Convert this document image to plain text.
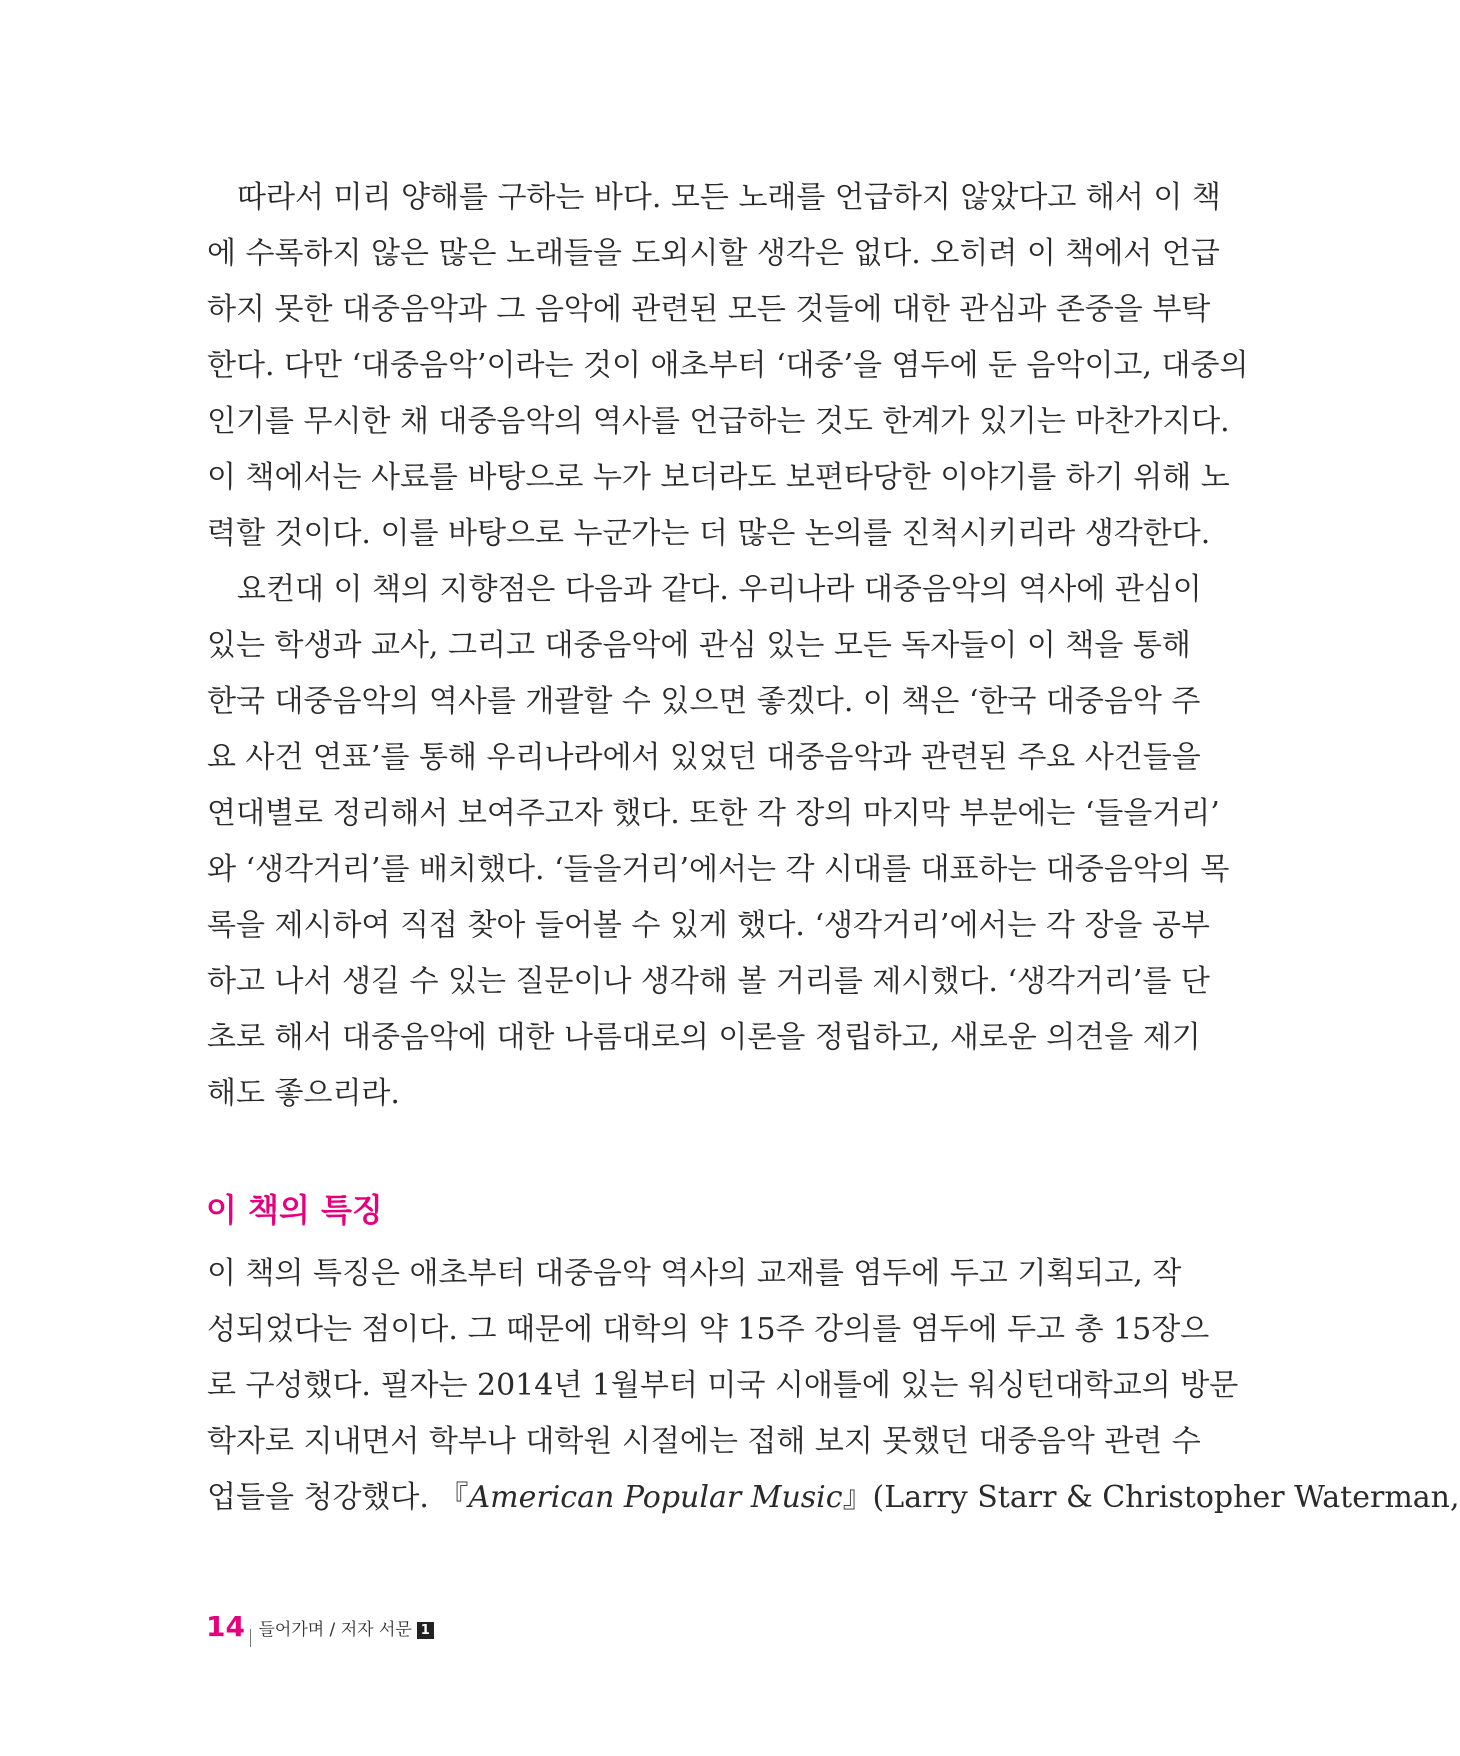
따라서 미리 양해를 구하는 바다. 모든 노래를 언급하지 않았다고 해서 이 책
에 수록하지 않은 많은 노래들을 도외시할 생각은 없다. 오히려 이 책에서 언급
하지 못한 대중음악과 그 음악에 관련된 모든 것들에 대한 관심과 존중을 부탁
한다. 다만 ‘대중음악’이라는 것이 애초부터 ‘대중’을 염두에 둔 음악이고, 대중의
인기를 무시한 채 대중음악의 역사를 언급하는 것도 한계가 있기는 마찬가지다.
이 책에서는 사료를 바탕으로 누가 보더라도 보편타당한 이야기를 하기 위해 노
력할 것이다. 이를 바탕으로 누군가는 더 많은 논의를 진척시키리라 생각한다.
요컨대 이 책의 지향점은 다음과 같다. 우리나라 대중음악의 역사에 관심이
있는 학생과 교사, 그리고 대중음악에 관심 있는 모든 독자들이 이 책을 통해
한국 대중음악의 역사를 개괄할 수 있으면 좋겠다. 이 책은 ‘한국 대중음악 주
요 사건 연표’를 통해 우리나라에서 있었던 대중음악과 관련된 주요 사건들을
연대별로 정리해서 보여주고자 했다. 또한 각 장의 마지막 부분에는 ‘들을거리’
와 ‘생각거리’를 배치했다. ‘들을거리’에서는 각 시대를 대표하는 대중음악의 목
록을 제시하여 직접 찾아 들어볼 수 있게 했다. ‘생각거리’에서는 각 장을 공부
하고 나서 생길 수 있는 질문이나 생각해 볼 거리를 제시했다. ‘생각거리’를 단
초로 해서 대중음악에 대한 나름대로의 이론을 정립하고, 새로운 의견을 제기
해도 좋으리라.
이 책의 특징
이 책의 특징은 애초부터 대중음악 역사의 교재를 염두에 두고 기획되고, 작
성되었다는 점이다. 그 때문에 대학의 약 15주 강의를 염두에 두고 총 15장으
로 구성했다. 필자는 2014년 1월부터 미국 시애틀에 있는 워싱턴대학교의 방문
학자로 지내면서 학부나 대학원 시절에는 접해 보지 못했던 대중음악 관련 수
업들을 청강했다. 『American Popular Music』(Larry Starr & Christopher Waterman,
14 들어가며 / 저자 서문 1
